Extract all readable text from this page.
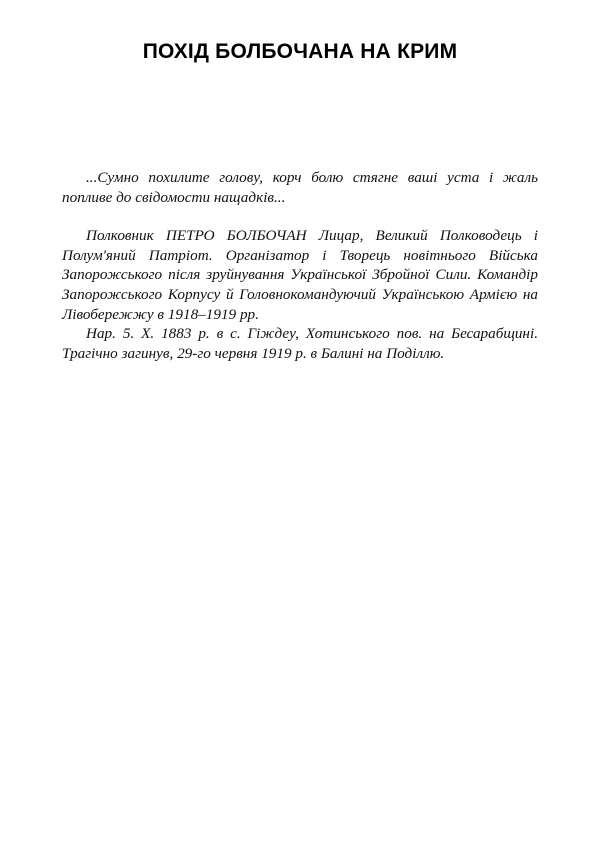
ПОХІД БОЛБОЧАНА НА КРИМ

...Сумно похилите голову, корч болю стягне ваші уста і жаль попливе до свідомости нащадків...

Полковник ПЕТРО БОЛБОЧАН Лицар, Великий Полководець і Полум'яний Патріот. Організатор і Творець новітнього Війська Запорожського після зруйнування Української Збройної Сили. Командір Запорожського Корпусу й Головнокомандуючий Українською Армією на Лівобережжу в 1918–1919 pp.

Нар. 5. X. 1883 р. в с. Гіждеу, Хотинського пов. на Бесарабщині. Трагічно загинув, 29-го червня 1919 р. в Балині на Поділлю.
